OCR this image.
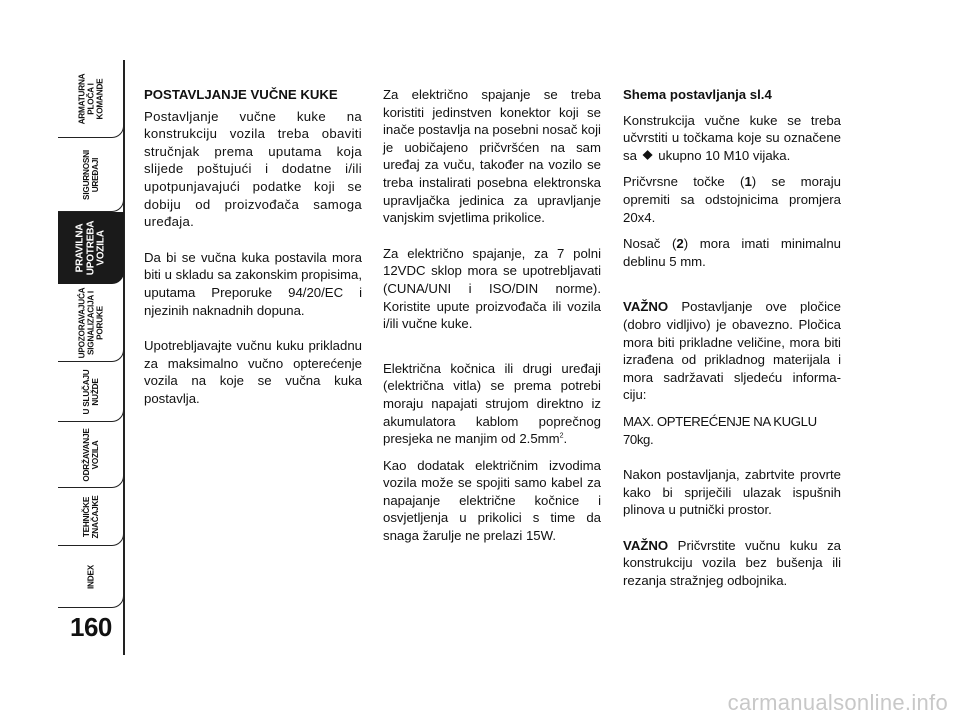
ARMATURNA
PLOČA I
KOMANDE
SIGURNOSNI
UREĐAJI
PRAVILNA
UPOTREBA
VOZILA
UPOZORAVAJUĆA
SIGNALIZACIJA I
PORUKE
U SLUČAJU
NUŽDE
ODRŽAVANJE
VOZILA
TEHNIČKE
ZNAČAJKE
INDEX
160
POSTAVLJANJE VUČNE KUKE

Postavljanje vučne kuke na konstrukciju vozila treba obaviti stručnjak prema uputama koja slijede poštujući i dodatne i/ili upotpunjavajući podatke koji se dobiju od proizvođača samoga uređaja.

Da bi se vučna kuka postavila mora biti u skladu sa zakonskim propisima, uputama Preporuke 94/20/EC i njezinih naknadnih dopuna.

Upotrebljavajte vučnu kuku prikladnu za maksimalno vučno opterećenje vozila na koje se vučna kuka postavlja.

Za električno spajanje se treba koristiti jedinstven konektor koji se inače postavlja na posebni nosač koji je uobičajeno pričvršćen na sam uređaj za vuču, također na vozilo se treba instalirati posebna elektronska upravljačka jedinica za upravljanje vanjskim svjetlima prikolice.

Za električno spajanje, za 7 polni 12VDC sklop mora se upotrebljavati (CUNA/UNI i ISO/DIN norme). Koristite upute proizvođača ili vozila i/ili vučne kuke.

Električna kočnica ili drugi uređaji (električna vitla) se prema potrebi moraju napajati strujom direktno iz akumulatora kablom poprečnog presjeka ne manjim od $2.5mm^2$.

Kao dodatak električnim izvodima vozila može se spojiti samo kabel za napajanje električne kočnice i osvjetljenja u prikolici s time da snaga žarulje ne prelazi 15W.

Shema postavljanja sl.4

Konstrukcija vučne kuke se treba učvrstiti u točkama koje su označene sa ⯁ ukupno 10 M10 vijaka.

Pričvrsne točke (1) se moraju opremiti sa odstojnicima promjera 20x4.

Nosač (2) mora imati minimalnu deblinu 5 mm.

VAŽNO Postavljanje ove pločice (dobro vidljivo) je obavezno. Pločica mora biti prikladne veličine, mora biti izrađena od prikladnog materijala i mora sadržavati sljedeću informa-ciju:

MAX. OPTEREĆENJE NA KUGLU 70kg.

Nakon postavljanja, zabrtvite provrte kako bi spriječili ulazak ispušnih plinova u putnički prostor.

VAŽNO Pričvrstite vučnu kuku za konstrukciju vozila bez bušenja ili rezanja stražnjeg odbojnika.

carmanualsonline.info
